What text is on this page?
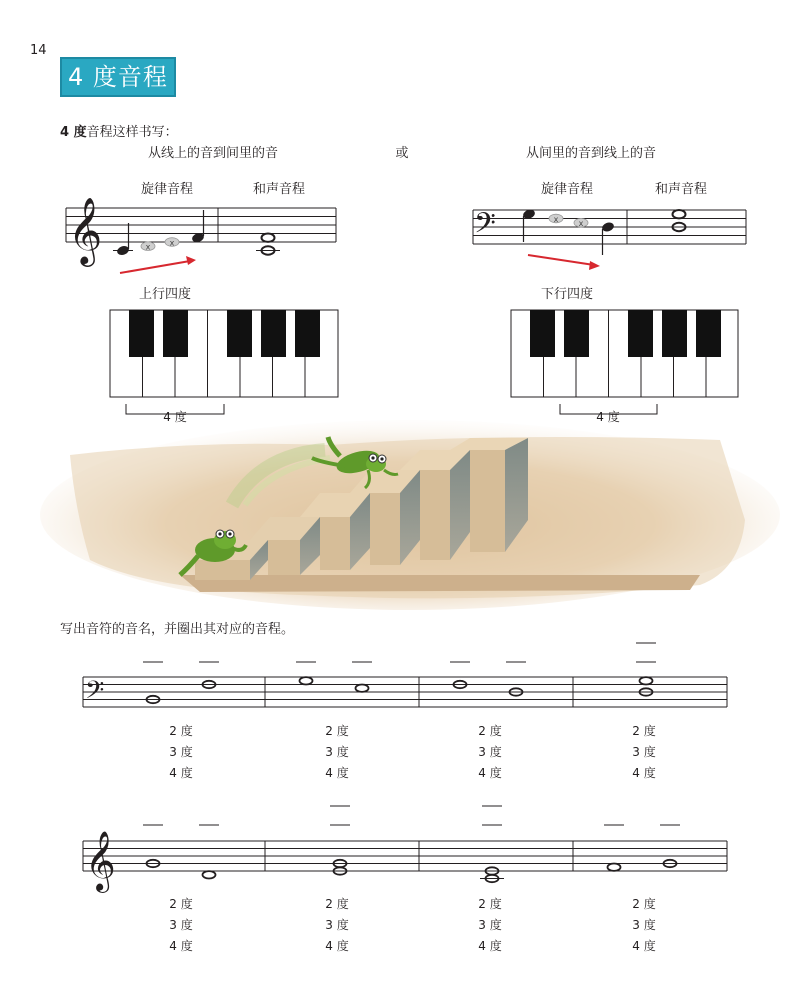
14
4 度音程
4 度音程这样书写：
从线上的音到间里的音	或	从间里的音到线上的音
旋律音程	和声音程	旋律音程	和声音程
上行四度	下行四度
4 度	4 度
写出音符的音名，并圈出其对应的音程。
2 度
3 度
4 度
2 度
3 度
4 度
2 度
3 度
4 度
2 度
3 度
4 度
2 度
3 度
4 度
2 度
3 度
4 度
2 度
3 度
4 度
2 度
3 度
4 度
𝄞	x x	𝄢	x	x
𝄢
𝄞
